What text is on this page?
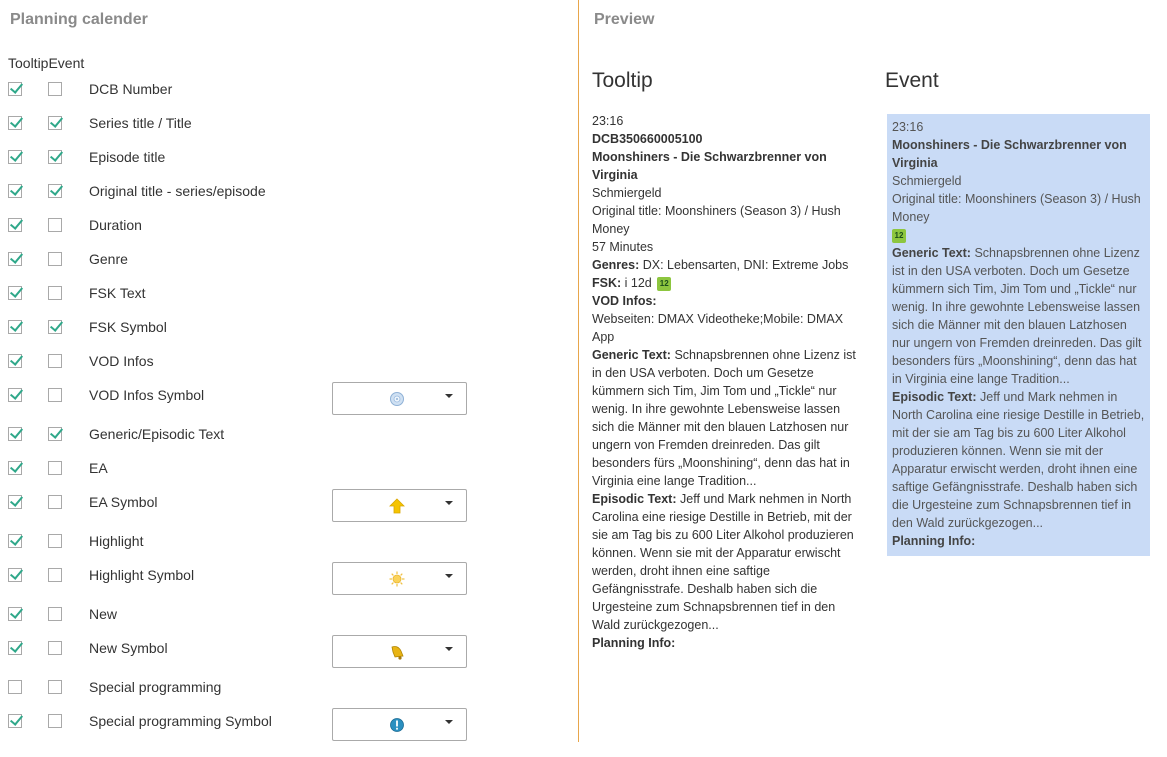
Planning calender
TooltipEvent
DCB Number
Series title / Title
Episode title
Original title - series/episode
Duration
Genre
FSK Text
FSK Symbol
VOD Infos
VOD Infos Symbol
Generic/Episodic Text
EA
EA Symbol
Highlight
Highlight Symbol
New
New Symbol
Special programming
Special programming Symbol
Preview
Tooltip	Event
23:16
DCB350660005100
Moonshiners - Die Schwarzbrenner von Virginia
Schmiergeld
Original title: Moonshiners (Season 3) / Hush Money
57 Minutes
Genres: DX: Lebensarten, DNI: Extreme Jobs
FSK: i 12d 12
VOD Infos:
Webseiten: DMAX Videotheke;Mobile: DMAX App
Generic Text: Schnapsbrennen ohne Lizenz ist in den USA verboten. Doch um Gesetze kümmern sich Tim, Jim Tom und „Tickle“ nur wenig. In ihre gewohnte Lebensweise lassen sich die Männer mit den blauen Latzhosen nur ungern von Fremden dreinreden. Das gilt besonders fürs „Moonshining“, denn das hat in Virginia eine lange Tradition...
Episodic Text: Jeff und Mark nehmen in North Carolina eine riesige Destille in Betrieb, mit der sie am Tag bis zu 600 Liter Alkohol produzieren können. Wenn sie mit der Apparatur erwischt werden, droht ihnen eine saftige Gefängnisstrafe. Deshalb haben sich die Urgesteine zum Schnapsbrennen tief in den Wald zurückgezogen...
Planning Info:
23:16
Moonshiners - Die Schwarzbrenner von Virginia
Schmiergeld
Original title: Moonshiners (Season 3) / Hush Money
12
Generic Text: Schnapsbrennen ohne Lizenz ist in den USA verboten. Doch um Gesetze kümmern sich Tim, Jim Tom und „Tickle“ nur wenig. In ihre gewohnte Lebensweise lassen sich die Männer mit den blauen Latzhosen nur ungern von Fremden dreinreden. Das gilt besonders fürs „Moonshining“, denn das hat in Virginia eine lange Tradition...
Episodic Text: Jeff und Mark nehmen in North Carolina eine riesige Destille in Betrieb, mit der sie am Tag bis zu 600 Liter Alkohol produzieren können. Wenn sie mit der Apparatur erwischt werden, droht ihnen eine saftige Gefängnisstrafe. Deshalb haben sich die Urgesteine zum Schnapsbrennen tief in den Wald zurückgezogen...
Planning Info:
